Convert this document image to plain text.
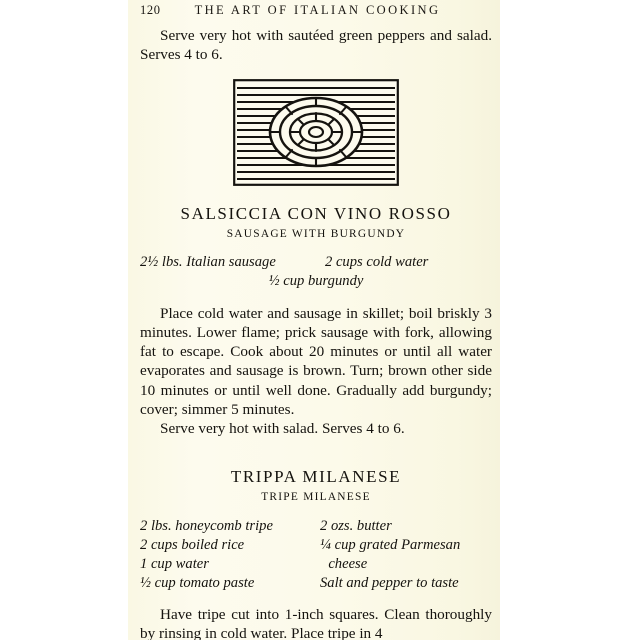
120	THE ART OF ITALIAN COOKING

Serve very hot with sautéed green peppers and salad. Serves 4 to 6.

SALSICCIA CON VINO ROSSO
SAUSAGE WITH BURGUNDY
2½ lbs. Italian sausage	2 cups cold water
½ cup burgundy

Place cold water and sausage in skillet; boil briskly 3 minutes. Lower flame; prick sausage with fork, allowing fat to escape. Cook about 20 minutes or until all water evaporates and sausage is brown. Turn; brown other side 10 minutes or until well done. Gradually add burgundy; cover; simmer 5 minutes.

Serve very hot with salad. Serves 4 to 6.

TRIPPA MILANESE
TRIPE MILANESE
2 lbs. honeycomb tripe	2 ozs. butter
2 cups boiled rice	¼ cup grated Parmesan
1 cup water	cheese
½ cup tomato paste	Salt and pepper to taste

Have tripe cut into 1-inch squares. Clean thoroughly by rinsing in cold water. Place tripe in 4
